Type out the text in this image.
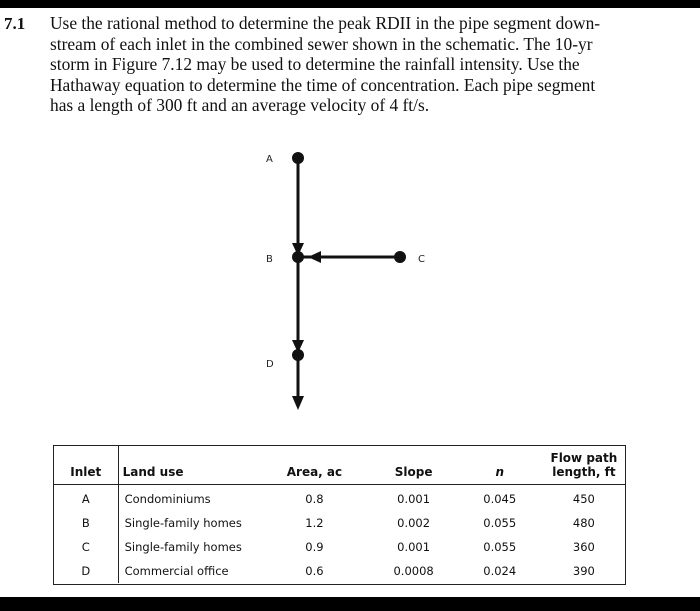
7.1 Use the rational method to determine the peak RDII in the pipe segment down-
stream of each inlet in the combined sewer shown in the schematic. The 10-yr
storm in Figure 7.12 may be used to determine the rainfall intensity. Use the
Hathaway equation to determine the time of concentration. Each pipe segment
has a length of 300 ft and an average velocity of 4 ft/s.
A
B	C
D
Inlet	Land use	Area, ac	Slope	n	Flow path
length, ft
A	Condominiums	0.8	0.001	0.045	450
B	Single-family homes	1.2	0.002	0.055	480
C	Single-family homes	0.9	0.001	0.055	360
D	Commercial office	0.6	0.0008	0.024	390
